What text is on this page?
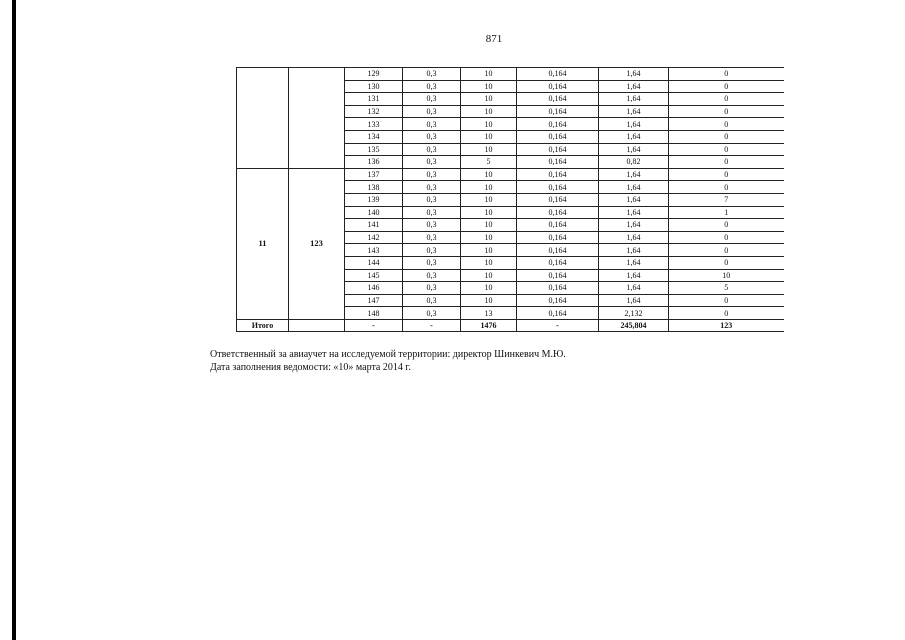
871
		129	0,3	10	0,164	1,64	0
		130	0,3	10	0,164	1,64	0
		131	0,3	10	0,164	1,64	0
		132	0,3	10	0,164	1,64	0
		133	0,3	10	0,164	1,64	0
		134	0,3	10	0,164	1,64	0
		135	0,3	10	0,164	1,64	0
		136	0,3	5	0,164	0,82	0
11	123	137	0,3	10	0,164	1,64	0
		138	0,3	10	0,164	1,64	0
		139	0,3	10	0,164	1,64	7
		140	0,3	10	0,164	1,64	1
		141	0,3	10	0,164	1,64	0
		142	0,3	10	0,164	1,64	0
		143	0,3	10	0,164	1,64	0
		144	0,3	10	0,164	1,64	0
		145	0,3	10	0,164	1,64	10
		146	0,3	10	0,164	1,64	5
		147	0,3	10	0,164	1,64	0
		148	0,3	13	0,164	2,132	0
Итого		-	-	1476	-	245,804	123
Ответственный за авиаучет на исследуемой территории: директор Шинкевич М.Ю.
Дата заполнения ведомости: «10» марта 2014 г.
